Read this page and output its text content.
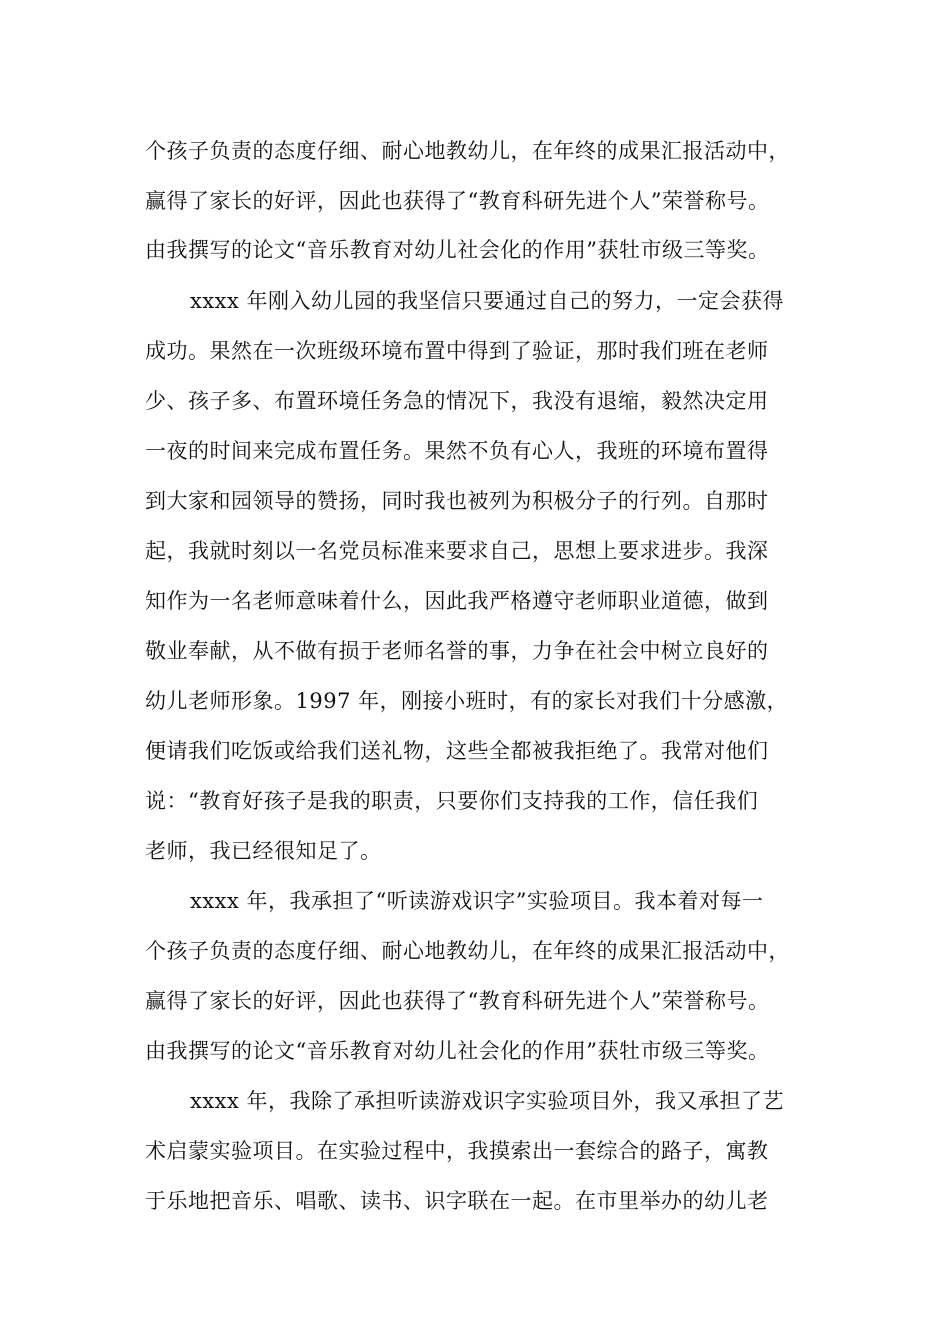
个孩子负责的态度仔细、耐心地教幼儿，在年终的成果汇报活动中，
赢得了家长的好评，因此也获得了“教育科研先进个人”荣誉称号。
由我撰写的论文“音乐教育对幼儿社会化的作用”获牡市级三等奖。
xxxx 年刚入幼儿园的我坚信只要通过自己的努力，一定会获得
成功。果然在一次班级环境布置中得到了验证，那时我们班在老师
少、孩子多、布置环境任务急的情况下，我没有退缩，毅然决定用
一夜的时间来完成布置任务。果然不负有心人，我班的环境布置得
到大家和园领导的赞扬，同时我也被列为积极分子的行列。自那时
起，我就时刻以一名党员标准来要求自己，思想上要求进步。我深
知作为一名老师意味着什么，因此我严格遵守老师职业道德，做到
敬业奉献，从不做有损于老师名誉的事，力争在社会中树立良好的
幼儿老师形象。1997 年，刚接小班时，有的家长对我们十分感激，
便请我们吃饭或给我们送礼物，这些全都被我拒绝了。我常对他们
说：“教育好孩子是我的职责，只要你们支持我的工作，信任我们
老师，我已经很知足了。
xxxx 年，我承担了“听读游戏识字”实验项目。我本着对每一
个孩子负责的态度仔细、耐心地教幼儿，在年终的成果汇报活动中，
赢得了家长的好评，因此也获得了“教育科研先进个人”荣誉称号。
由我撰写的论文“音乐教育对幼儿社会化的作用”获牡市级三等奖。
xxxx 年，我除了承担听读游戏识字实验项目外，我又承担了艺
术启蒙实验项目。在实验过程中，我摸索出一套综合的路子，寓教
于乐地把音乐、唱歌、读书、识字联在一起。在市里举办的幼儿老
